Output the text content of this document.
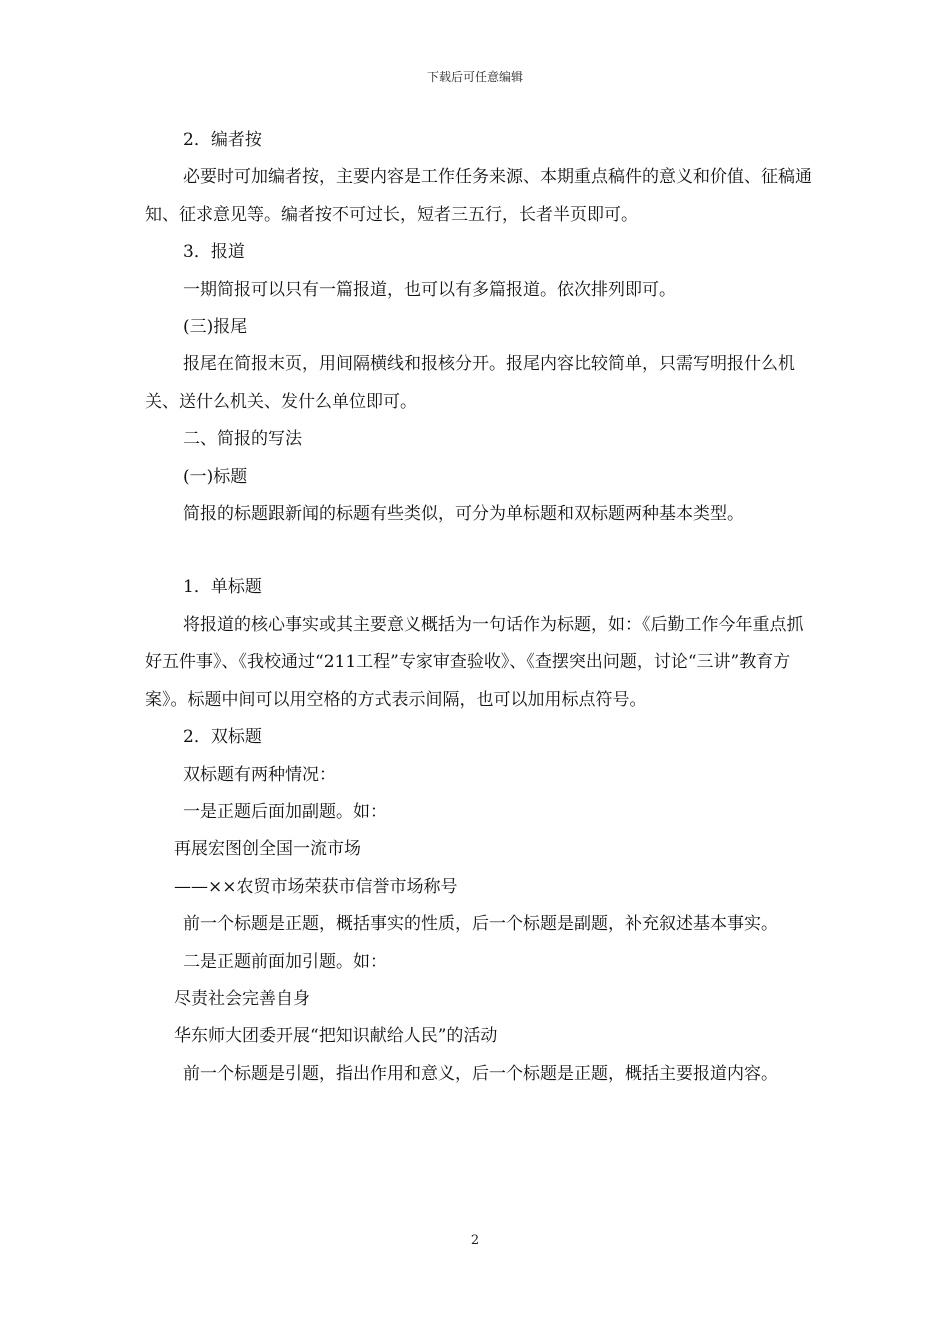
下载后可任意编辑

2．编者按

必要时可加编者按，主要内容是工作任务来源、本期重点稿件的意义和价值、征稿通知、征求意见等。编者按不可过长，短者三五行，长者半页即可。

3．报道

一期简报可以只有一篇报道，也可以有多篇报道。依次排列即可。

(三)报尾

报尾在简报末页，用间隔横线和报核分开。报尾内容比较简单，只需写明报什么机关、送什么机关、发什么单位即可。

二、简报的写法

(一)标题

简报的标题跟新闻的标题有些类似，可分为单标题和双标题两种基本类型。

1．单标题

将报道的核心事实或其主要意义概括为一句话作为标题，如：《后勤工作今年重点抓好五件事》、《我校通过“211工程”专家审查验收》、《查摆突出问题，讨论“三讲”教育方案》。标题中间可以用空格的方式表示间隔，也可以加用标点符号。

2．双标题

双标题有两种情况：

一是正题后面加副题。如：

再展宏图创全国一流市场

——××农贸市场荣获市信誉市场称号

前一个标题是正题，概括事实的性质，后一个标题是副题，补充叙述基本事实。

二是正题前面加引题。如：

尽责社会完善自身

华东师大团委开展“把知识献给人民”的活动

前一个标题是引题，指出作用和意义，后一个标题是正题，概括主要报道内容。

2
